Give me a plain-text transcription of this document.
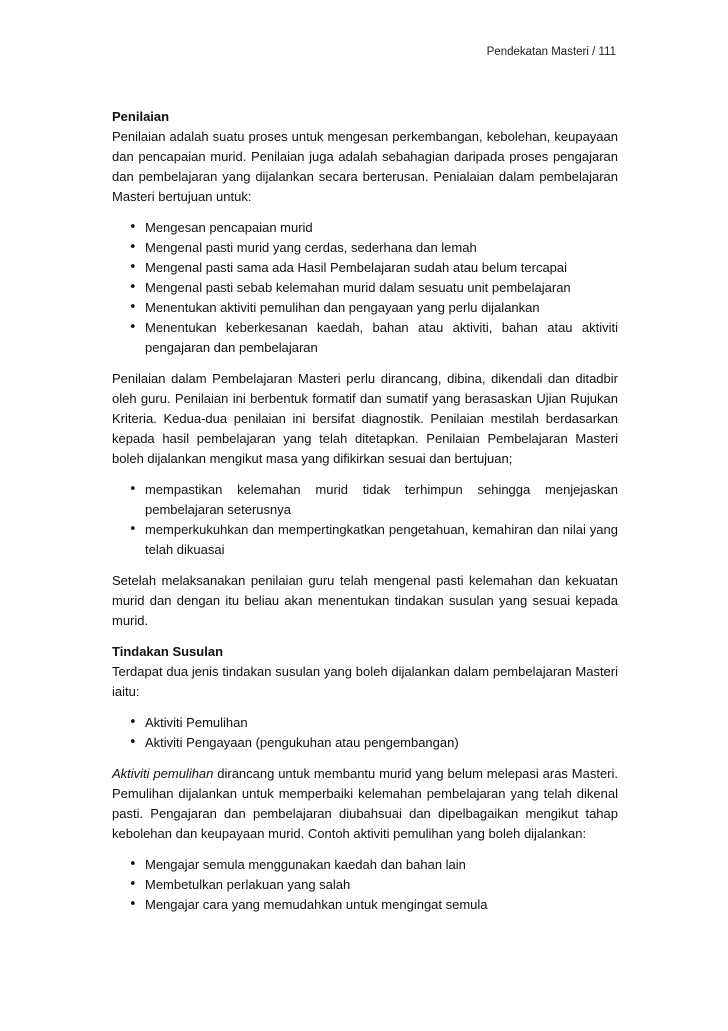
Pendekatan Masteri / 111

Penilaian

Penilaian adalah suatu proses untuk mengesan perkembangan, kebolehan, keupayaan dan pencapaian murid. Penilaian juga adalah sebahagian daripada proses pengajaran dan pembelajaran yang dijalankan secara berterusan. Penialaian dalam pembelajaran Masteri bertujuan untuk:

• Mengesan pencapaian murid
• Mengenal pasti murid yang cerdas, sederhana dan lemah
• Mengenal pasti sama ada Hasil Pembelajaran sudah atau belum tercapai
• Mengenal pasti sebab kelemahan murid dalam sesuatu unit pembelajaran
• Menentukan aktiviti pemulihan dan pengayaan yang perlu dijalankan
• Menentukan keberkesanan kaedah, bahan atau aktiviti, bahan atau aktiviti pengajaran dan pembelajaran

Penilaian dalam Pembelajaran Masteri perlu dirancang, dibina, dikendali dan ditadbir oleh guru. Penilaian ini berbentuk formatif dan sumatif yang berasaskan Ujian Rujukan Kriteria. Kedua-dua penilaian ini bersifat diagnostik. Penilaian mestilah berdasarkan kepada hasil pembelajaran yang telah ditetapkan. Penilaian Pembelajaran Masteri boleh dijalankan mengikut masa yang difikirkan sesuai dan bertujuan;

• mempastikan kelemahan murid tidak terhimpun sehingga menjejaskan pembelajaran seterusnya
• memperkukuhkan dan mempertingkatkan pengetahuan, kemahiran dan nilai yang telah dikuasai

Setelah melaksanakan penilaian guru telah mengenal pasti kelemahan dan kekuatan murid dan dengan itu beliau akan menentukan tindakan susulan yang sesuai kepada murid.

Tindakan Susulan

Terdapat dua jenis tindakan susulan yang boleh dijalankan dalam pembelajaran Masteri iaitu:

• Aktiviti Pemulihan
• Aktiviti Pengayaan (pengukuhan atau pengembangan)

Aktiviti pemulihan dirancang untuk membantu murid yang belum melepasi aras Masteri. Pemulihan dijalankan untuk memperbaiki kelemahan pembelajaran yang telah dikenal pasti. Pengajaran dan pembelajaran diubahsuai dan dipelbagaikan mengikut tahap kebolehan dan keupayaan murid. Contoh aktiviti pemulihan yang boleh dijalankan:

• Mengajar semula menggunakan kaedah dan bahan lain
• Membetulkan perlakuan yang salah
• Mengajar cara yang memudahkan untuk mengingat semula
